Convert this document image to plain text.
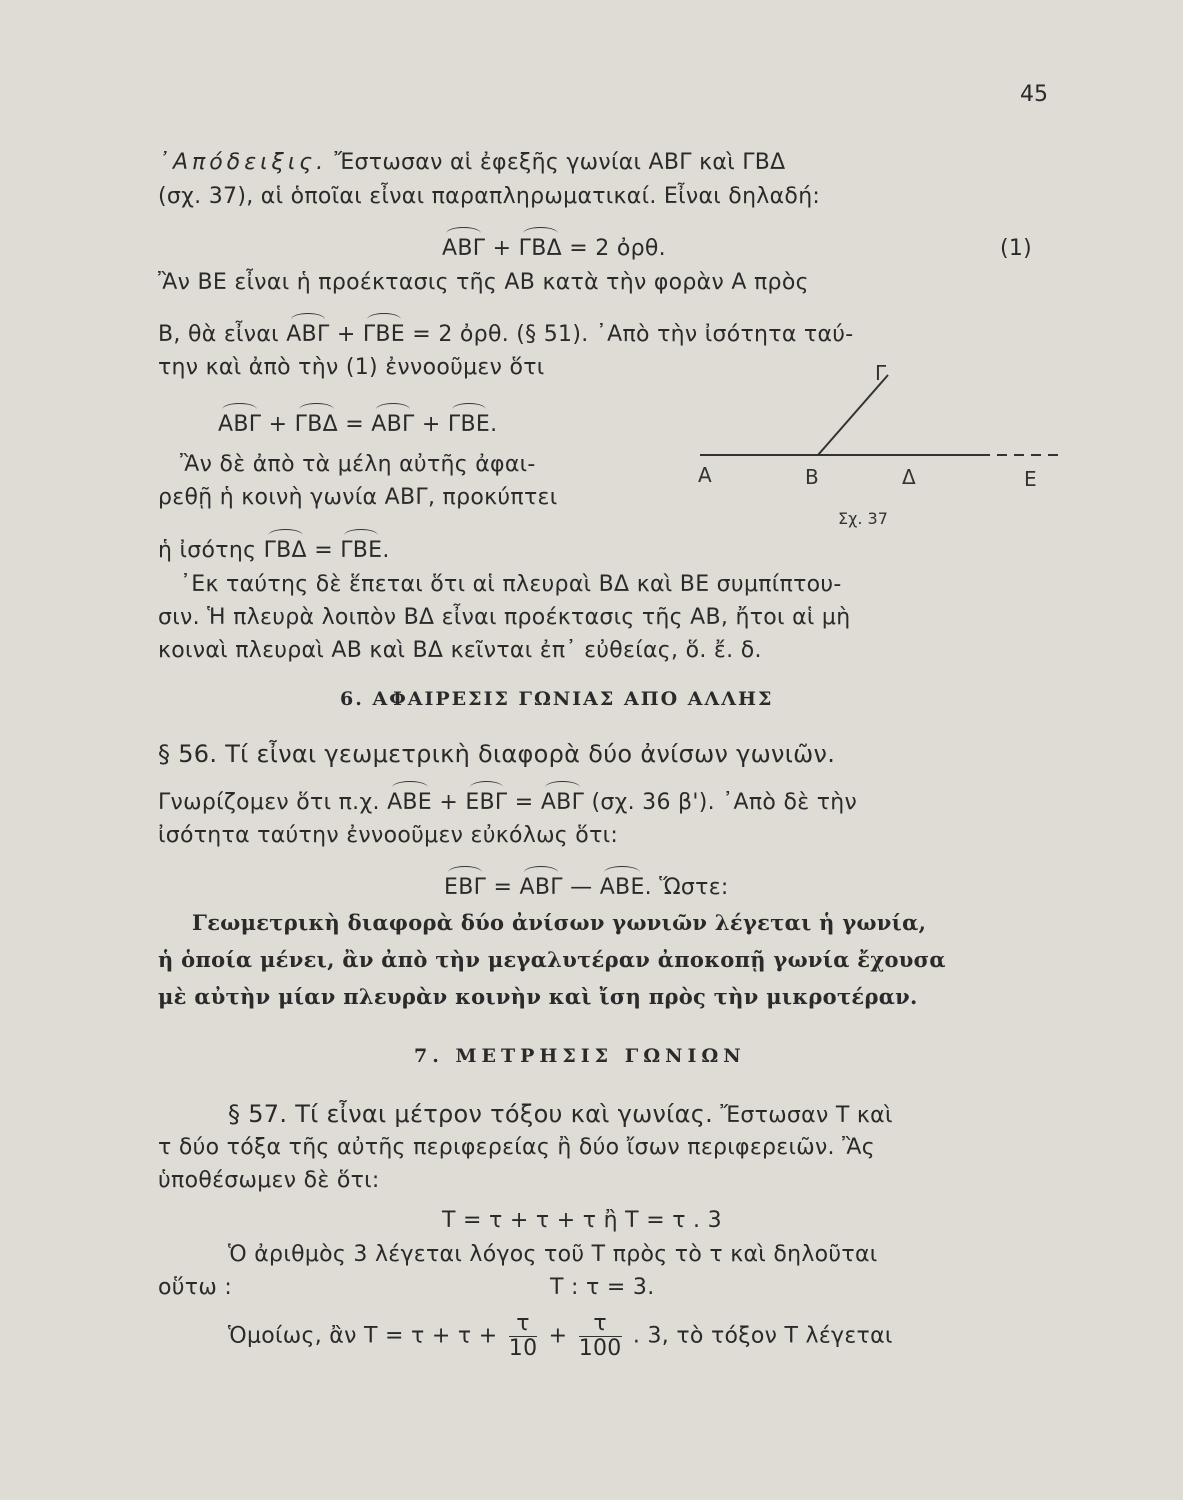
45
᾿Απόδειξις. Ἔστωσαν αἱ ἐφεξῆς γωνίαι ΑΒΓ καὶ ΓΒΔ
(σχ. 37), αἱ ὁποῖαι εἶναι παραπληρωματικαί. Εἶναι δηλαδή:
ΑΒΓ + ΓΒΔ = 2 ὀρθ.	(1)
Ἂν ΒΕ εἶναι ἡ προέκτασις τῆς ΑΒ κατὰ τὴν φορὰν Α πρὸς
Β, θὰ εἶναι ΑΒΓ + ΓΒΕ = 2 ὀρθ. (§ 51). ᾿Απὸ τὴν ἰσότητα ταύ-
την καὶ ἀπὸ τὴν (1) ἐννοοῦμεν ὅτι
ΑΒΓ + ΓΒΔ = ΑΒΓ + ΓΒΕ.
Ἂν δὲ ἀπὸ τὰ μέλη αὐτῆς ἀφαι-
ρεθῇ ἡ κοινὴ γωνία ΑΒΓ, προκύπτει
ἡ ἰσότης ΓΒΔ = ΓΒΕ.
᾿Εκ ταύτης δὲ ἕπεται ὅτι αἱ πλευραὶ ΒΔ καὶ ΒΕ συμπίπτου-
σιν. Ἡ πλευρὰ λοιπὸν ΒΔ εἶναι προέκτασις τῆς ΑΒ, ἤτοι αἱ μὴ
κοιναὶ πλευραὶ ΑΒ καὶ ΒΔ κεῖνται ἐπ᾿ εὐθείας, ὅ. ἔ. δ.
Γ
Α	Β	Δ	Ε
Σχ. 37
6. ΑΦΑΙΡΕΣΙΣ ΓΩΝΙΑΣ ΑΠΟ ΑΛΛΗΣ
§ 56. Τί εἶναι γεωμετρικὴ διαφορὰ δύο ἀνίσων γωνιῶν.
Γνωρίζομεν ὅτι π.χ. ΑΒΕ + ΕΒΓ = ΑΒΓ (σχ. 36 β'). ᾿Απὸ δὲ τὴν
ἰσότητα ταύτην ἐννοοῦμεν εὐκόλως ὅτι:
ΕΒΓ = ΑΒΓ — ΑΒΕ. Ὥστε:
Γεωμετρικὴ διαφορὰ δύο ἀνίσων γωνιῶν λέγεται ἡ γωνία,
ἡ ὁποία μένει, ἂν ἀπὸ τὴν μεγαλυτέραν ἀποκοπῇ γωνία ἔχουσα
μὲ αὐτὴν μίαν πλευρὰν κοινὴν καὶ ἴση πρὸς τὴν μικροτέραν.
7. ΜΕΤΡΗΣΙΣ ΓΩΝΙΩΝ
§ 57. Τί εἶναι μέτρον τόξου καὶ γωνίας. Ἔστωσαν Τ καὶ
τ δύο τόξα τῆς αὐτῆς περιφερείας ἢ δύο ἴσων περιφερειῶν. Ἂς
ὑποθέσωμεν δὲ ὅτι:
Τ = τ + τ + τ ἢ Τ = τ . 3
Ὁ ἀριθμὸς 3 λέγεται λόγος τοῦ Τ πρὸς τὸ τ καὶ δηλοῦται
οὕτω :	Τ : τ = 3.
Ὁμοίως, ἂν $T = \tau + \tau + \frac{\tau}{10} + \frac{\tau}{100}$ . 3, τὸ τόξον Τ λέγεται
